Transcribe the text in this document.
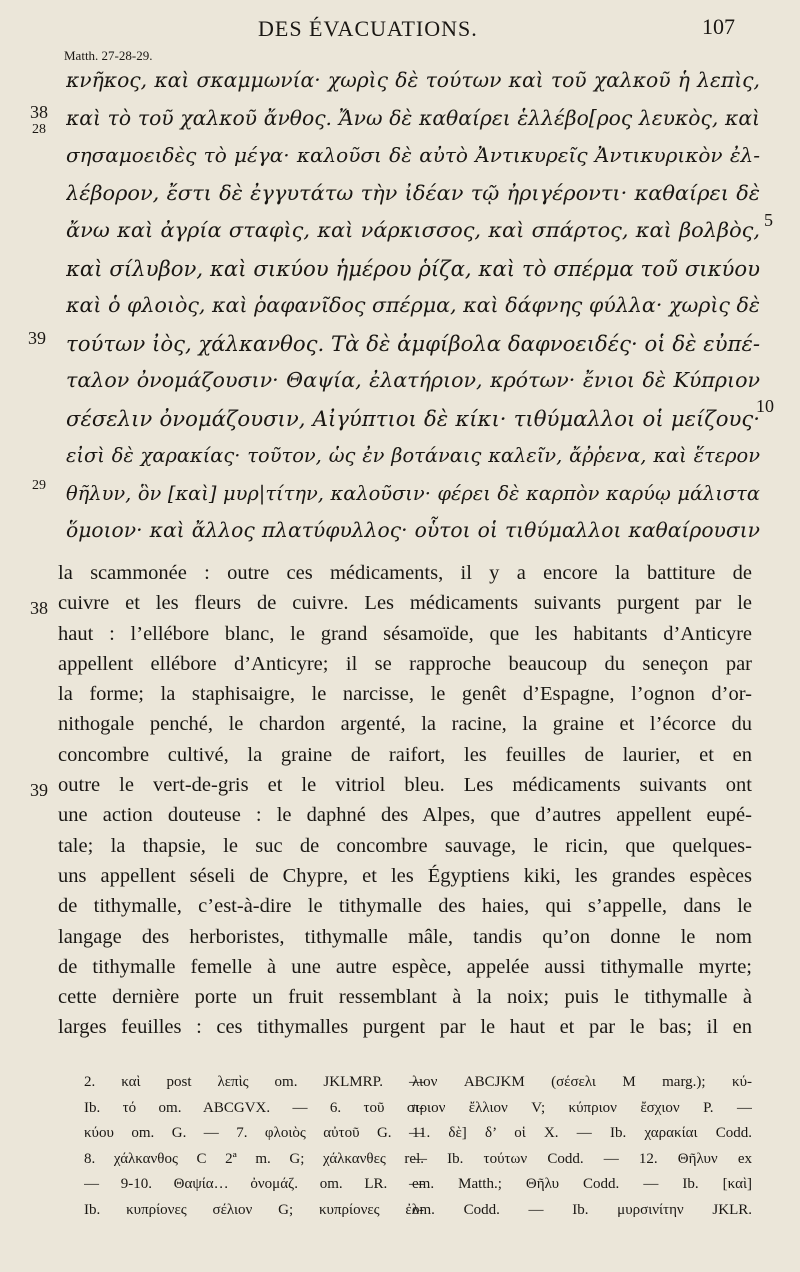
DES ÉVACUATIONS.	107
Matth. 27-28-29.
38
28
5
39
10
29
κνῆκος, καὶ σκαμμωνία· χωρὶς δὲ τούτων καὶ τοῦ χαλκοῦ ἡ λεπὶς,
καὶ τὸ τοῦ χαλκοῦ ἄνθος. Ἄνω δὲ καθαίρει ἑλλέβο[ρος λευκὸς, καὶ
σησαμοειδὲς τὸ μέγα· καλοῦσι δὲ αὐτὸ Ἀντικυρεῖς Ἀντικυρικὸν ἐλ-
λέβορον, ἔστι δὲ ἐγγυτάτω τὴν ἰδέαν τῷ ἠριγέροντι· καθαίρει δὲ
ἄνω καὶ ἀγρία σταφὶς, καὶ νάρκισσος, καὶ σπάρτος, καὶ βολβὸς,
καὶ σίλυβον, καὶ σικύου ἡμέρου ῥίζα, καὶ τὸ σπέρμα τοῦ σικύου
καὶ ὁ φλοιὸς, καὶ ῥαφανῖδος σπέρμα, καὶ δάφνης φύλλα· χωρὶς δὲ
τούτων ἰὸς, χάλκανθος. Τὰ δὲ ἀμφίβολα δαφνοειδές· οἱ δὲ εὐπέ-
ταλον ὀνομάζουσιν· Θαψία, ἐλατήριον, κρότων· ἔνιοι δὲ Κύπριον
σέσελιν ὀνομάζουσιν, Αἰγύπτιοι δὲ κίκι· τιθύμαλλοι οἱ μείζους·
εἰσὶ δὲ χαρακίας· τοῦτον, ὡς ἐν βοτάναις καλεῖν, ἄῤῥενα, καὶ ἕτερον
θῆλυν, ὃν [καὶ] μυρ|τίτην, καλοῦσιν· φέρει δὲ καρπὸν καρύῳ μάλιστα
ὅμοιον· καὶ ἄλλος πλατύφυλλος· οὗτοι οἱ τιθύμαλλοι καθαίρουσιν
38
39
la scammonée : outre ces médicaments, il y a encore la battiture de
cuivre et les fleurs de cuivre. Les médicaments suivants purgent par le
haut : l’ellébore blanc, le grand sésamoïde, que les habitants d’Anticyre
appellent ellébore d’Anticyre; il se rapproche beaucoup du seneçon par
la forme; la staphisaigre, le narcisse, le genêt d’Espagne, l’ognon d’or-
nithogale penché, le chardon argenté, la racine, la graine et l’écorce du
concombre cultivé, la graine de raifort, les feuilles de laurier, et en
outre le vert-de-gris et le vitriol bleu. Les médicaments suivants ont
une action douteuse : le daphné des Alpes, que d’autres appellent eupé-
tale; la thapsie, le suc de concombre sauvage, le ricin, que quelques-
uns appellent séseli de Chypre, et les Égyptiens kiki, les grandes espèces
de tithymalle, c’est-à-dire le tithymalle des haies, qui s’appelle, dans le
langage des herboristes, tithymalle mâle, tandis qu’on donne le nom
de tithymalle femelle à une autre espèce, appelée aussi tithymalle myrte;
cette dernière porte un fruit ressemblant à la noix; puis le tithymalle à
larges feuilles : ces tithymalles purgent par le haut et par le bas; il en
2. καὶ post λεπὶς om. JKLMRP. —
Ib. τό om. ABCGVX. — 6. τοῦ σι-
κύου om. G. — 7. φλοιὸς αὐτοῦ G. —
8. χάλκανθος C 2ª m. G; χάλκανθες rel.
— 9-10. Θαψία… ὀνομάζ. om. LR. —
Ib. κυπρίονες σέλιον G; κυπρίονες ἐλ-
λιον ABCJKM (σέσελι M marg.); κύ-
πριον ἔλλιον V; κύπριον ἔσχιον P. —
11. δὲ] δ’ οἱ X. — Ib. χαρακίαι Codd.
— Ib. τούτων Codd. — 12. Θῆλυν ex
em. Matth.; Θῆλυ Codd. — Ib. [καὶ]
om. Codd. — Ib. μυρσινίτην JKLR.
